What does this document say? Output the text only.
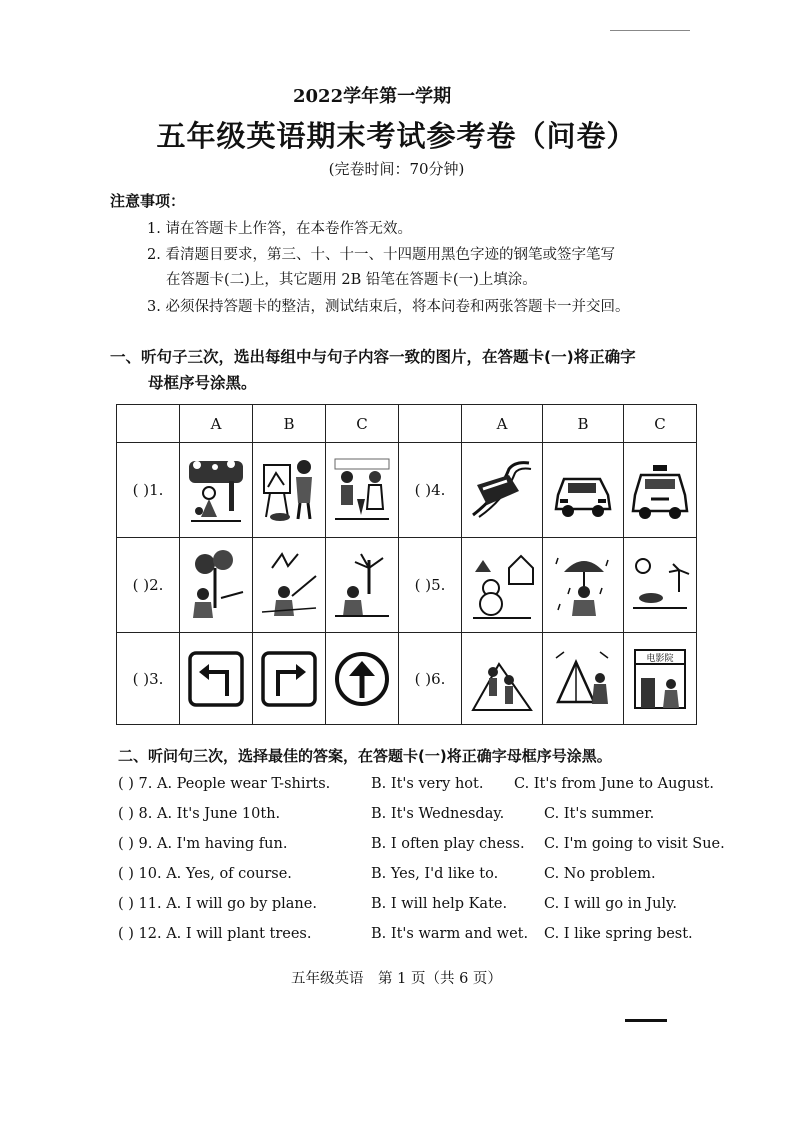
2022学年第一学期
五年级英语期末考试参考卷（问卷）
(完卷时间：70分钟)
注意事项：
1. 请在答题卡上作答，在本卷作答无效。
2. 看清题目要求，第三、十、十一、十四题用黑色字迹的钢笔或签字笔写
在答题卡(二)上，其它题用 2B 铅笔在答题卡(一)上填涂。
3. 必须保持答题卡的整洁，测试结束后，将本问卷和两张答题卡一并交回。
一、听句子三次，选出每组中与句子内容一致的图片，在答题卡(一)将正确字
母框序号涂黑。
	A	B	C		A	B	C
( )1.				( )4.	

( )2.				( )5.	

( )3.				( )6.			电影院
二、听问句三次，选择最佳的答案，在答题卡(一)将正确字母框序号涂黑。
( ) 7. A. People wear T-shirts.	B. It's very hot. C. It's from June to August.
( ) 8. A. It's June 10th.	B. It's Wednesday.	C. It's summer.
( ) 9. A. I'm having fun.	B. I often play chess. C. I'm going to visit Sue.
( ) 10. A. Yes, of course.	B. Yes, I'd like to.	C. No problem.
( ) 11. A. I will go by plane.	B. I will help Kate.	C. I will go in July.
( ) 12. A. I will plant trees.	B. It's warm and wet. C. I like spring best.
五年级英语　第 1 页（共 6 页）
